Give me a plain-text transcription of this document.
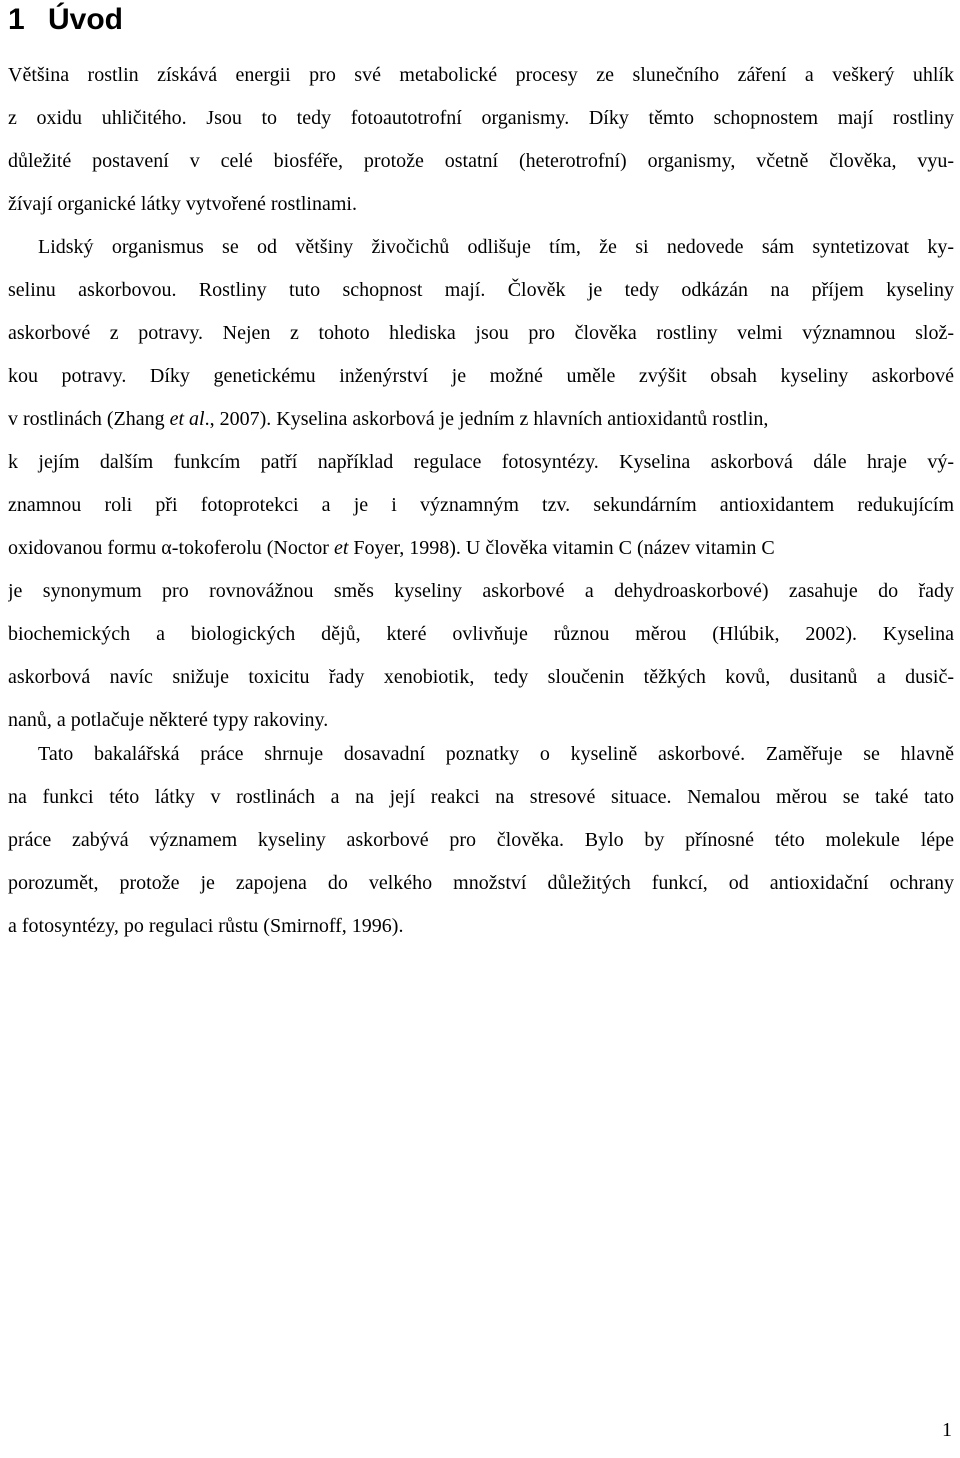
1 Úvod
Většina rostlin získává energii pro své metabolické procesy ze slunečního záření a veškerý uhlík
z oxidu uhličitého. Jsou to tedy fotoautotrofní organismy. Díky těmto schopnostem mají rostliny
důležité postavení v celé biosféře, protože ostatní (heterotrofní) organismy, včetně člověka, vyu-
žívají organické látky vytvořené rostlinami.
Lidský organismus se od většiny živočichů odlišuje tím, že si nedovede sám syntetizovat ky-
selinu askorbovou. Rostliny tuto schopnost mají. Člověk je tedy odkázán na příjem kyseliny
askorbové z potravy. Nejen z tohoto hlediska jsou pro člověka rostliny velmi významnou slož-
kou potravy. Díky genetickému inženýrství je možné uměle zvýšit obsah kyseliny askorbové
v rostlinách (Zhang et al., 2007). Kyselina askorbová je jedním z hlavních antioxidantů rostlin,
k jejím dalším funkcím patří například regulace fotosyntézy. Kyselina askorbová dále hraje vý-
znamnou roli při fotoprotekci a je i významným tzv. sekundárním antioxidantem redukujícím
oxidovanou formu α-tokoferolu (Noctor et Foyer, 1998). U člověka vitamin C (název vitamin C
je synonymum pro rovnovážnou směs kyseliny askorbové a dehydroaskorbové) zasahuje do řady
biochemických a biologických dějů, které ovlivňuje různou měrou (Hlúbik, 2002). Kyselina
askorbová navíc snižuje toxicitu řady xenobiotik, tedy sloučenin těžkých kovů, dusitanů a dusič-
nanů, a potlačuje některé typy rakoviny.
Tato bakalářská práce shrnuje dosavadní poznatky o kyselině askorbové. Zaměřuje se hlavně
na funkci této látky v rostlinách a na její reakci na stresové situace. Nemalou měrou se také tato
práce zabývá významem kyseliny askorbové pro člověka. Bylo by přínosné této molekule lépe
porozumět, protože je zapojena do velkého množství důležitých funkcí, od antioxidační ochrany
a fotosyntézy, po regulaci růstu (Smirnoff, 1996).

1
